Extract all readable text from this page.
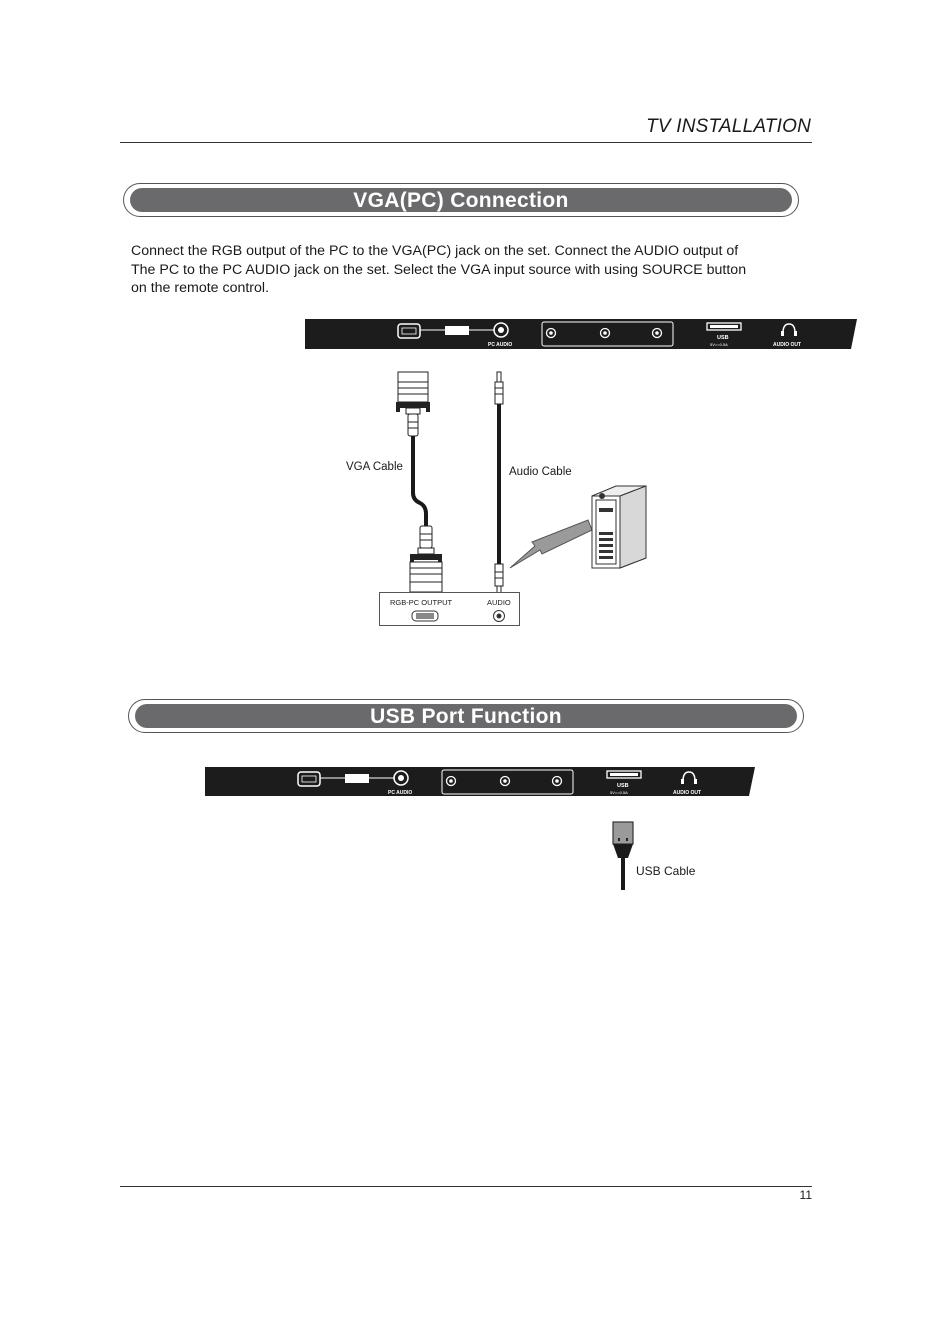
TV INSTALLATION
VGA(PC) Connection
Connect the RGB output of the PC to the VGA(PC) jack on the set. Connect the AUDIO output of
The PC to the PC AUDIO jack on the set. Select the VGA input source with using SOURCE button
on the remote control.
PC AUDIO
USB
5V==0.5A	AUDIO OUT
VGA Cable	Audio Cable
RGB-PC OUTPUT	AUDIO
USB Port Function
PC AUDIO
USB
5V==0.5A	AUDIO OUT
USB Cable
11
